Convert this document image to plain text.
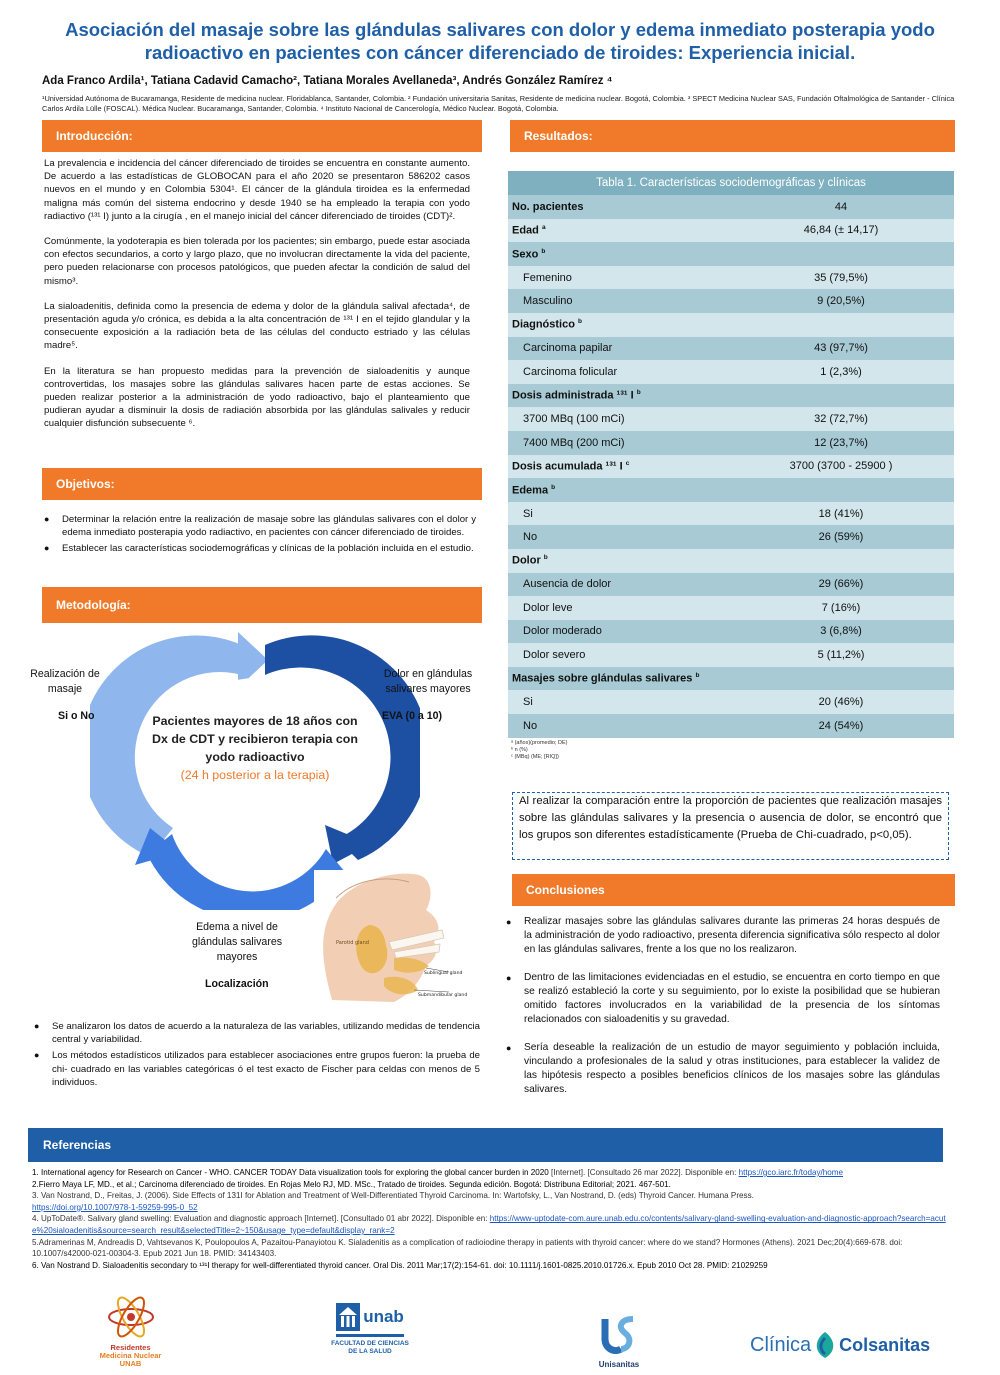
Asociación del masaje sobre las glándulas salivares con dolor y edema inmediato posterapia yodo radioactivo en pacientes con cáncer diferenciado de tiroides: Experiencia inicial.
Ada Franco Ardila¹, Tatiana Cadavid Camacho², Tatiana Morales Avellaneda³, Andrés González Ramírez ⁴
¹Universidad Autónoma de Bucaramanga, Residente de medicina nuclear. Floridablanca, Santander, Colombia. ² Fundación universitaria Sanitas, Residente de medicina nuclear. Bogotá, Colombia. ³ SPECT Medicina Nuclear SAS, Fundación Oftalmológica de Santander - Clínica Carlos Ardila Lülle (FOSCAL). Médica Nuclear. Bucaramanga, Santander, Colombia. ⁴ Instituto Nacional de Cancerología, Médico Nuclear. Bogotá, Colombia.
Introducción:

La prevalencia e incidencia del cáncer diferenciado de tiroides se encuentra en constante aumento. De acuerdo a las estadísticas de GLOBOCAN para el año 2020 se presentaron 586202 casos nuevos en el mundo y en Colombia 5304¹. El cáncer de la glándula tiroidea es la enfermedad maligna más común del sistema endocrino y desde 1940 se ha empleado la terapia con yodo radiactivo (¹³¹ I) junto a la cirugía , en el manejo inicial del cáncer diferenciado de tiroides (CDT)².

Comúnmente, la yodoterapia es bien tolerada por los pacientes; sin embargo, puede estar asociada con efectos secundarios, a corto y largo plazo, que no involucran directamente la vida del paciente, pero pueden relacionarse con procesos patológicos, que pueden afectar la condición de salud del mismo³.

La sialoadenitis, definida como la presencia de edema y dolor de la glándula salival afectada⁴, de presentación aguda y/o crónica, es debida a la alta concentración de ¹³¹ I en el tejido glandular y la consecuente exposición a la radiación beta de las células del conducto estriado y las células madre⁵.

En la literatura se han propuesto medidas para la prevención de sialoadenitis y aunque controvertidas, los masajes sobre las glándulas salivares hacen parte de estas acciones. Se pueden realizar posterior a la administración de yodo radioactivo, bajo el planteamiento que pudieran ayudar a disminuir la dosis de radiación absorbida por las glándulas salivales y reducir cualquier disfunción subsecuente ⁶.

Objetivos:
● Determinar la relación entre la realización de masaje sobre las glándulas salivares con el dolor y edema inmediato posterapia yodo radiactivo, en pacientes con cáncer diferenciado de tiroides.
● Establecer las características sociodemográficas y clínicas de la población incluida en el estudio.
Metodología:
Pacientes mayores de 18 años con Dx de CDT y recibieron terapia con yodo radioactivo
(24 h posterior a la terapia)
Realización de masaje
Si o No
Dolor en glándulas salivares mayores
EVA (0 a 10)
Edema a nivel de glándulas salivares mayores
Localización
Parotid gland
Sublingual gland
Submandibular gland
● Se analizaron los datos de acuerdo a la naturaleza de las variables, utilizando medidas de tendencia central y variabilidad.
● Los métodos estadísticos utilizados para establecer asociaciones entre grupos fueron: la prueba de chi- cuadrado en las variables categóricas ó el test exacto de Fischer para celdas con menos de 5 individuos.
Resultados:
Tabla 1. Características sociodemográficas y clínicas
No. pacientes	44
Edad $^a$	46,84 (± 14,17)
Sexo $^b$
Femenino	35 (79,5%)
Masculino	9 (20,5%)
Diagnóstico $^b$
Carcinoma papilar	43 (97,7%)
Carcinoma folicular	1 (2,3%)
Dosis administrada ¹³¹ I $^b$
3700 MBq (100 mCi)	32 (72,7%)
7400 MBq (200 mCi)	12 (23,7%)
Dosis acumulada ¹³¹ I $^c$	3700 (3700 - 25900 )
Edema $^b$
Si	18 (41%)
No	26 (59%)
Dolor $^b$
Ausencia de dolor	29 (66%)
Dolor leve	7 (16%)
Dolor moderado	3 (6,8%)
Dolor severo	5 (11,2%)
Masajes sobre glándulas salivares $^b$
Si	20 (46%)
No	24 (54%)
ᵃ (años)(promedio; DE)
ᵇ n (%)
ᶜ (MBq) (ME; [RIQ])
Al realizar la comparación entre la proporción de pacientes que realización masajes sobre las glándulas salivares y la presencia o ausencia de dolor, se encontró que los grupos son diferentes estadísticamente (Prueba de Chi-cuadrado, p<0,05).
Conclusiones
● Realizar masajes sobre las glándulas salivares durante las primeras 24 horas después de la administración de yodo radioactivo, presenta diferencia significativa sólo respecto al dolor en las glándulas salivares, frente a los que no los realizaron.
● Dentro de las limitaciones evidenciadas en el estudio, se encuentra en corto tiempo en que se realizó estableció la corte y su seguimiento, por lo existe la posibilidad que se hubieran omitido factores involucrados en la variabilidad de la presencia de los síntomas relacionados con sialoadenitis y su gravedad.
● Sería deseable la realización de un estudio de mayor seguimiento y población incluida, vinculando a profesionales de la salud y otras instituciones, para establecer la validez de las hipótesis respecto a posibles beneficios clínicos de los masajes sobre las glándulas salivares.
Referencias
1. International agency for Research on Cancer - WHO. CANCER TODAY Data visualization tools for exploring the global cancer burden in 2020 [Internet]. [Consultado 26 mar 2022]. Disponible en: https://gco.iarc.fr/today/home
2.Fierro Maya LF, MD., et al.; Carcinoma diferenciado de tiroides. En Rojas Melo RJ, MD. MSc., Tratado de tiroides. Segunda edición. Bogotá: Distribuna Editorial; 2021. 467-501.
3. Van Nostrand, D., Freitas, J. (2006). Side Effects of 131I for Ablation and Treatment of Well-Differentiated Thyroid Carcinoma. In: Wartofsky, L., Van Nostrand, D. (eds) Thyroid Cancer. Humana Press.
https://doi.org/10.1007/978-1-59259-995-0_52
4. UpToDate®. Salivary gland swelling: Evaluation and diagnostic approach [Internet]. [Consultado 01 abr 2022]. Disponible en: https://www-uptodate-com.aure.unab.edu.co/contents/salivary-gland-swelling-evaluation-and-diagnostic-approach?search=acute%20sialoadenitis&source=search_result&selectedTitle=2~150&usage_type=default&display_rank=2
5.Adramerinas M, Andreadis D, Vahtsevanos K, Poulopoulos A, Pazaitou-Panayiotou K. Sialadenitis as a complication of radioiodine therapy in patients with thyroid cancer: where do we stand? Hormones (Athens). 2021 Dec;20(4):669-678. doi: 10.1007/s42000-021-00304-3. Epub 2021 Jun 18. PMID: 34143403.
6. Van Nostrand D. Sialoadenitis secondary to ¹³¹I therapy for well-differentiated thyroid cancer. Oral Dis. 2011 Mar;17(2):154-61. doi: 10.1111/j.1601-0825.2010.01726.x. Epub 2010 Oct 28. PMID: 21029259
Residentes
Medicina Nuclear
UNAB
unab
FACULTAD DE CIENCIAS
DE LA SALUD
Unisanitas
Clínica Colsanitas
